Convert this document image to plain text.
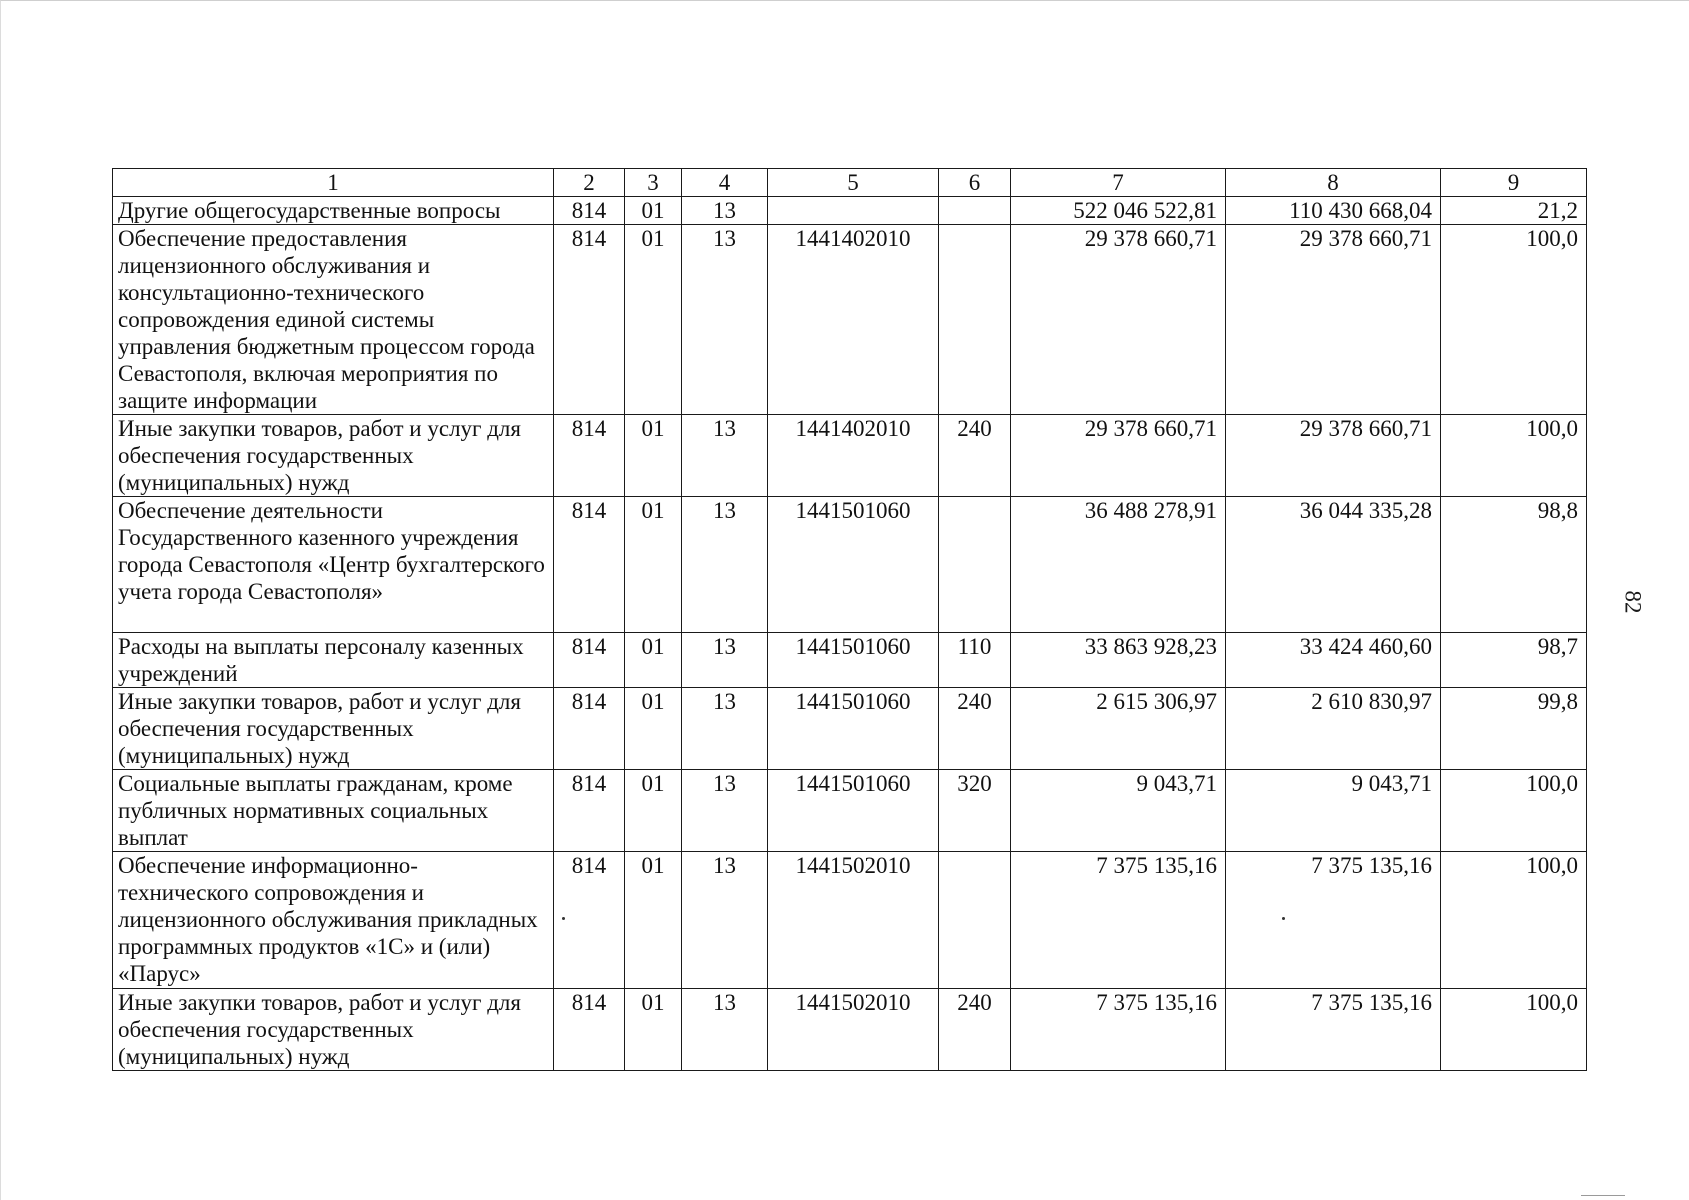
1	2	3	4	5	6	7	8	9
Другие общегосударственные вопросы	814	01	13			522 046 522,81	110 430 668,04	21,2
Обеспечение предоставления лицензионного обслуживания и консультационно-технического сопровождения единой системы управления бюджетным процессом города Севастополя, включая мероприятия по защите информации	814	01	13	1441402010		29 378 660,71	29 378 660,71	100,0
Иные закупки товаров, работ и услуг для обеспечения государственных (муниципальных) нужд	814	01	13	1441402010	240	29 378 660,71	29 378 660,71	100,0
Обеспечение деятельности Государственного казенного учреждения города Севастополя «Центр бухгалтерского учета города Севастополя»	814	01	13	1441501060		36 488 278,91	36 044 335,28	98,8
Расходы на выплаты персоналу казенных учреждений	814	01	13	1441501060	110	33 863 928,23	33 424 460,60	98,7
Иные закупки товаров, работ и услуг для обеспечения государственных (муниципальных) нужд	814	01	13	1441501060	240	2 615 306,97	2 610 830,97	99,8
Социальные выплаты гражданам, кроме публичных нормативных социальных выплат	814	01	13	1441501060	320	9 043,71	9 043,71	100,0
Обеспечение информационно-технического сопровождения и лицензионного обслуживания прикладных программных продуктов «1С» и (или) «Парус»	814	01	13	1441502010		7 375 135,16	7 375 135,16	100,0
Иные закупки товаров, работ и услуг для обеспечения государственных (муниципальных) нужд	814	01	13	1441502010	240	7 375 135,16	7 375 135,16	100,0
82
